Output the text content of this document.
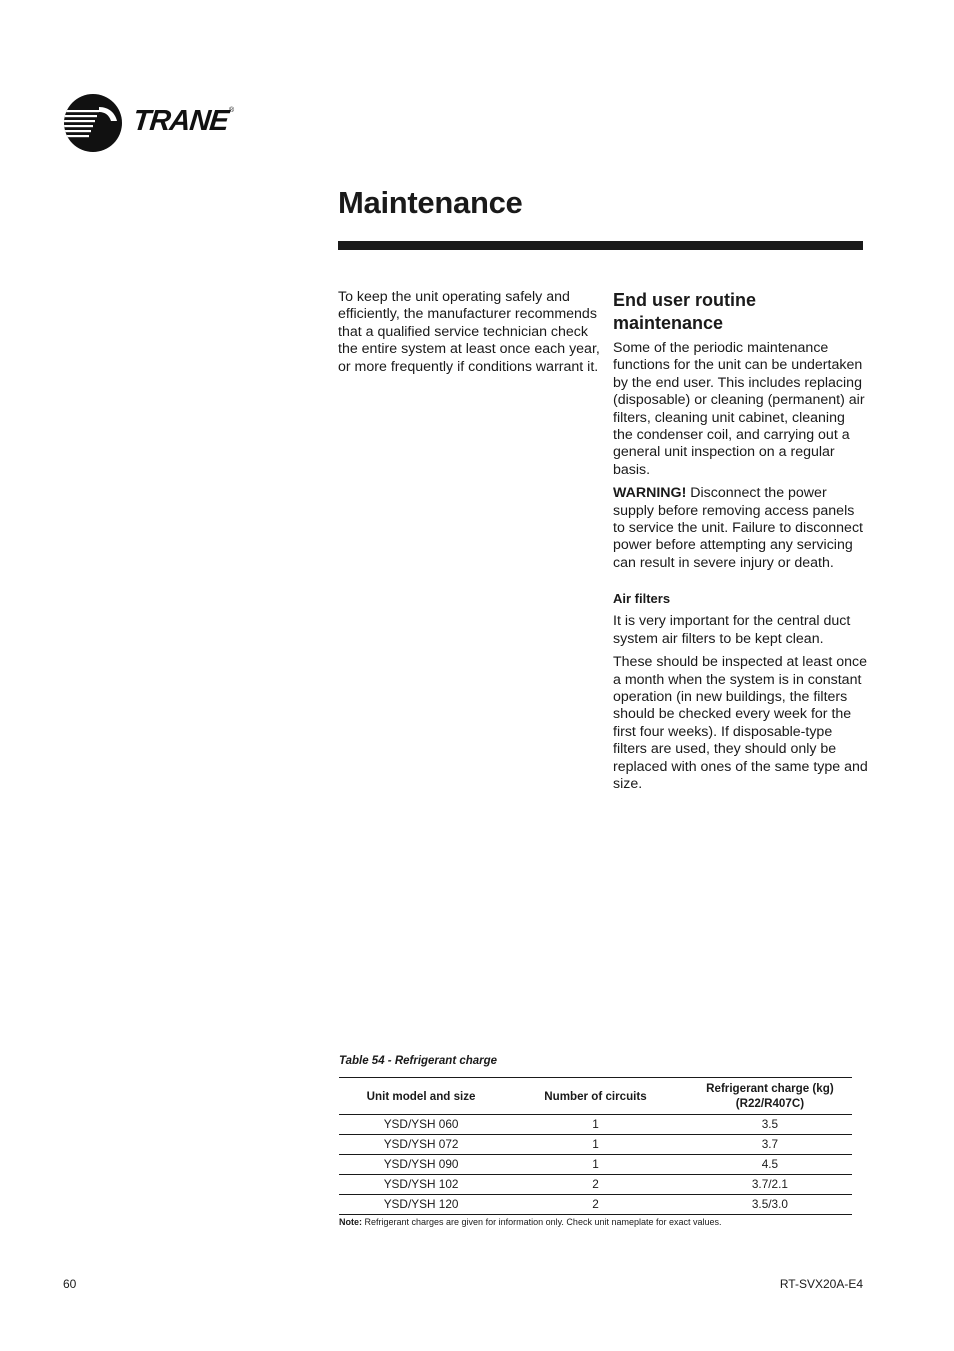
TRANE ®
Maintenance

To keep the unit operating safely and efficiently, the manufacturer recommends that a qualified service technician check the entire system at least once each year, or more frequently if conditions warrant it.

End user routine maintenance

Some of the periodic maintenance functions for the unit can be undertaken by the end user. This includes replacing (disposable) or cleaning (permanent) air filters, cleaning unit cabinet, cleaning the condenser coil, and carrying out a general unit inspection on a regular basis.

WARNING! Disconnect the power supply before removing access panels to service the unit. Failure to disconnect power before attempting any servicing can result in severe injury or death.

Air filters

It is very important for the central duct system air filters to be kept clean.

These should be inspected at least once a month when the system is in constant operation (in new buildings, the filters should be checked every week for the first four weeks). If disposable-type filters are used, they should only be replaced with ones of the same type and size.

Table 54 - Refrigerant charge
Unit model and size	Number of circuits	Refrigerant charge (kg) (R22/R407C)
YSD/YSH 060	1	3.5
YSD/YSH 072	1	3.7
YSD/YSH 090	1	4.5
YSD/YSH 102	2	3.7/2.1
YSD/YSH 120	2	3.5/3.0
Note: Refrigerant charges are given for information only. Check unit nameplate for exact values.
60	RT-SVX20A-E4
